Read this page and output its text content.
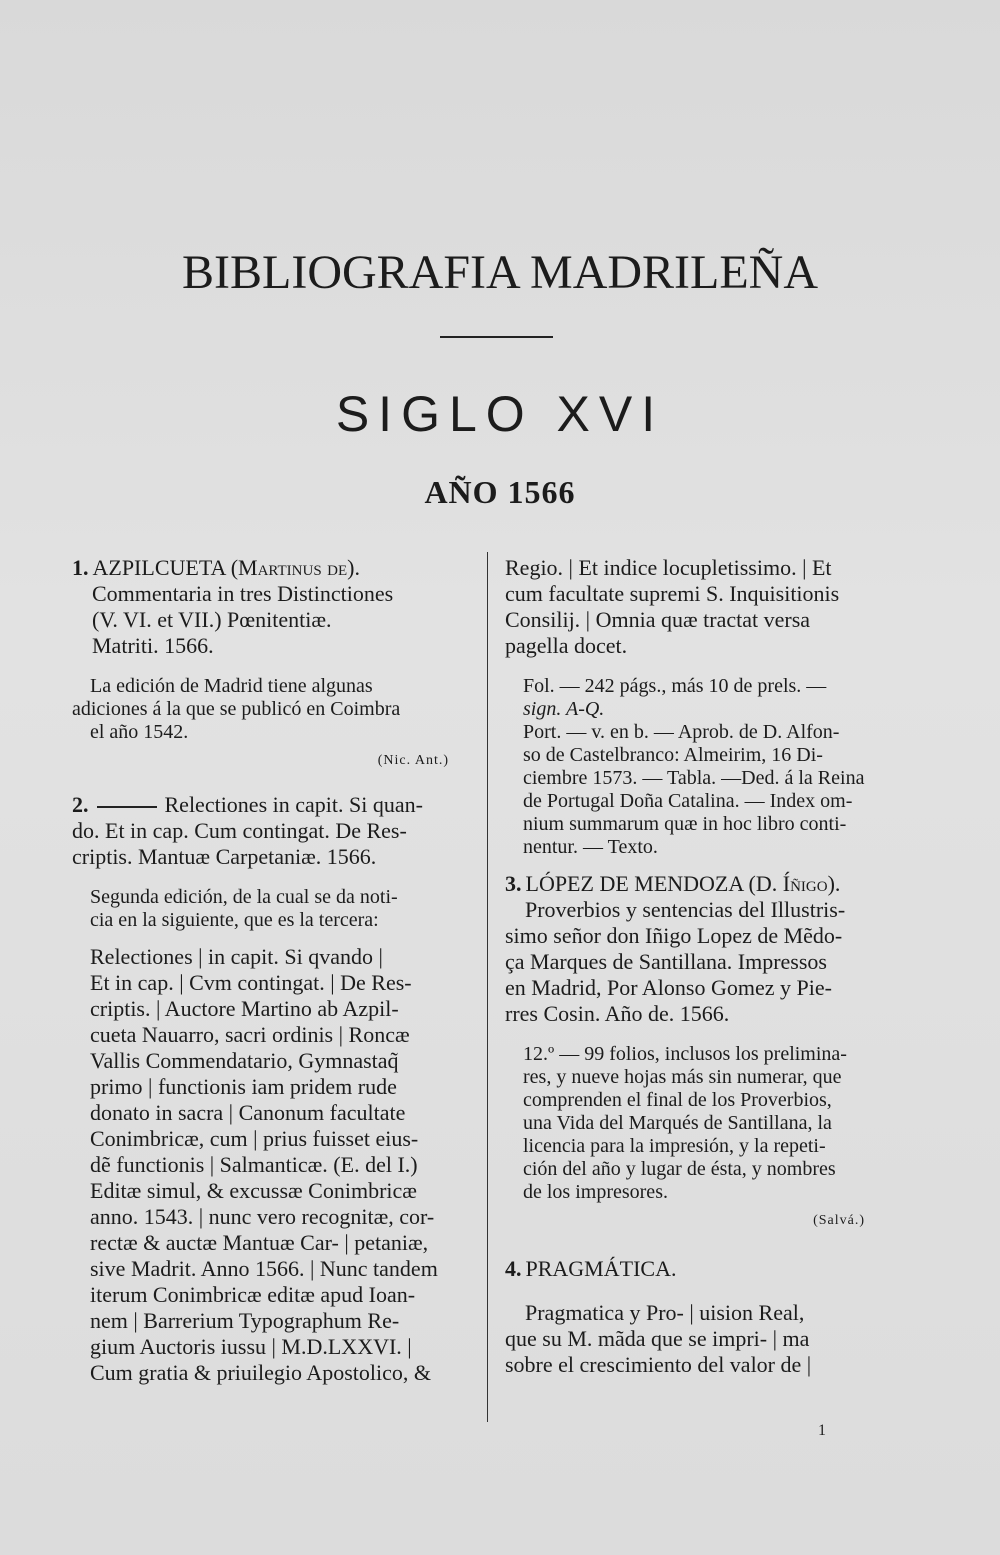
BIBLIOGRAFIA MADRILEÑA
SIGLO XVI
AÑO 1566

1. AZPILCUETA (Martinus de).

Commentaria in tres Distinctiones
(V. VI. et VII.) Pœnitentiæ.
Matriti. 1566.

La edición de Madrid tiene algunas
adiciones á la que se publicó en Coimbra
el año 1542.

(Nic. Ant.)

2.	Relectiones in capit. Si quan-
do. Et in cap. Cum contingat. De Res-
criptis. Mantuæ Carpetaniæ. 1566.

Segunda edición, de la cual se da noti-
cia en la siguiente, que es la tercera:

Relectiones | in capit. Si qvando |
Et in cap. | Cvm contingat. | De Res-
criptis. | Auctore Martino ab Azpil-
cueta Nauarro, sacri ordinis | Roncæ
Vallis Commendatario, Gymnastaq̃
primo | functionis iam pridem rude
donato in sacra | Canonum facultate
Conimbricæ, cum | prius fuisset eius-
dẽ functionis | Salmanticæ. (E. del I.)
Editæ simul, & excussæ Conimbricæ
anno. 1543. | nunc vero recognitæ, cor-
rectæ & auctæ Mantuæ Car- | petaniæ,
sive Madrit. Anno 1566. | Nunc tandem
iterum Conimbricæ editæ apud Ioan-
nem | Barrerium Typographum Re-
gium Auctoris iussu | M.D.LXXVI. |
Cum gratia & priuilegio Apostolico, &

Regio. | Et indice locupletissimo. | Et
cum facultate supremi S. Inquisitionis
Consilij. | Omnia quæ tractat versa
pagella docet.

Fol. — 242 págs., más 10 de prels. —
sign. A-Q.
Port. — v. en b. — Aprob. de D. Alfon-
so de Castelbranco: Almeirim, 16 Di-
ciembre 1573. — Tabla. —Ded. á la Reina
de Portugal Doña Catalina. — Index om-
nium summarum quæ in hoc libro conti-
nentur. — Texto.

3. LÓPEZ DE MENDOZA (D. Íñigo).

Proverbios y sentencias del Illustris-
simo señor don Iñigo Lopez de Mẽdo-
ça Marques de Santillana. Impressos
en Madrid, Por Alonso Gomez y Pie-
rres Cosin. Año de. 1566.

12.º — 99 folios, inclusos los prelimina-
res, y nueve hojas más sin numerar, que
comprenden el final de los Proverbios,
una Vida del Marqués de Santillana, la
licencia para la impresión, y la repeti-
ción del año y lugar de ésta, y nombres
de los impresores.

(Salvá.)

4. PRAGMÁTICA.

Pragmatica y Pro- | uision Real,
que su M. mãda que se impri- | ma
sobre el crescimiento del valor de |

1
